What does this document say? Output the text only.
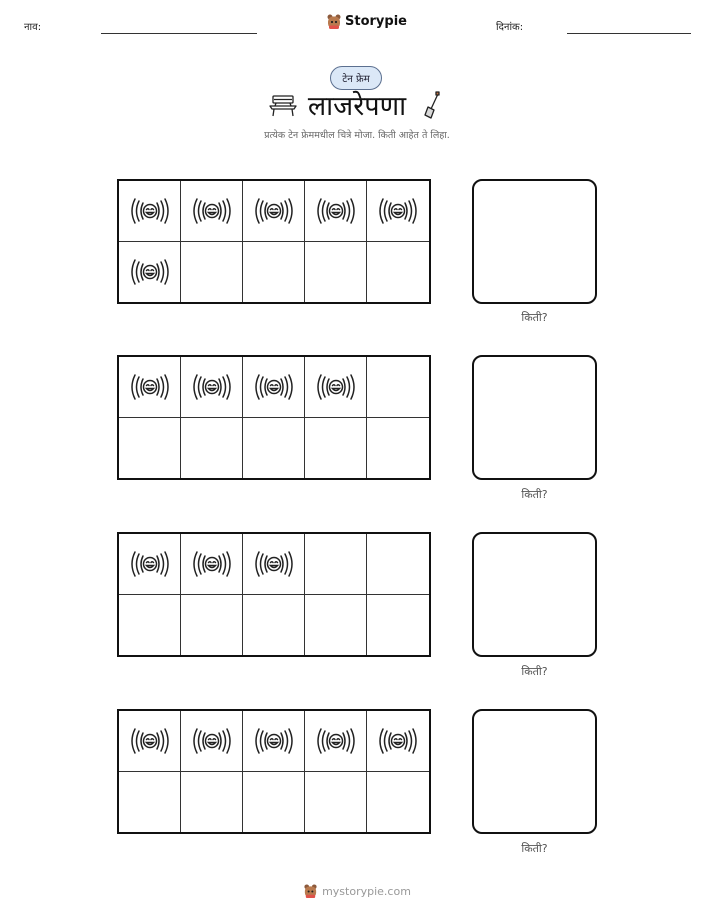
नाव:	Storypie	दिनांक:
टेन फ्रेम
लाजरेपणा
प्रत्येक टेन फ्रेममधील चित्रे मोजा. किती आहेत ते लिहा.
किती?
किती?
किती?
किती?
mystorypie.com
